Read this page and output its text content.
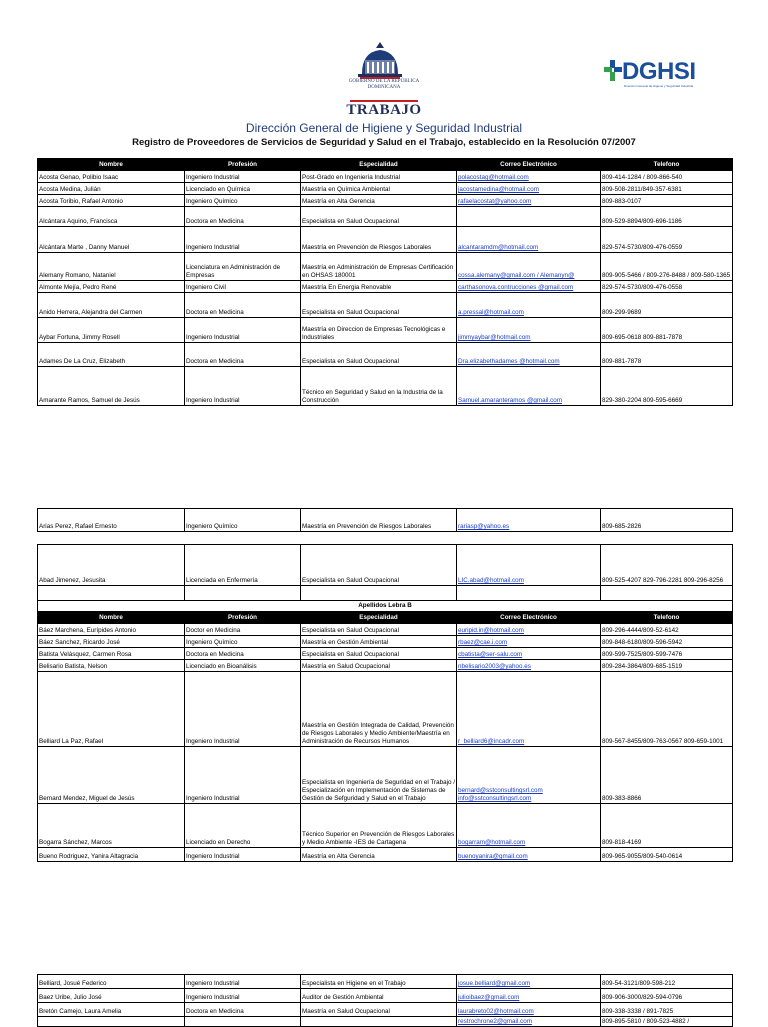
GOBIERNO DE LA REPÚBLICA DOMINICANA
TRABAJO
DGHSI
Dirección General de Higiene y Seguridad Industrial
Dirección General de Higiene y Seguridad Industrial
Registro de Proveedores de Servicios de Seguridad y Salud en el Trabajo, establecido en la Resolución 07/2007
Nombre	Profesión	Especialidad	Correo Electrónico	Telefono
Acosta Genao, Polibio Isaac	Ingeniero Industrial	Post-Grado en Ingeniería Industrial	polacostag@hotmail.com	809-414-1284 / 809-866-540
Acosta Medina, Julián	Licenciado en Química	Maestría en Química Ambiental	jacostamedina@hotmail.com	809-508-2811/849-357-6381
Acosta Toribio, Rafael Antonio	Ingeniero Químico	Maestría en Alta Gerencia	rafaelacostat@yahoo.com	809-883-0107
Alcántara Aquino, Francisca	Doctora en Medicina	Especialista en Salud Ocupacional		809-529-8894/809-696-1186
Alcántara Marte , Danny Manuel	Ingeniero Industrial	Maestría en Prevención de Riesgos Laborales	alcantaramdm@hotmail.com	829-574-5730/809-476-0559
Alemany Romano, Nataniel	Licenciatura en Administración de Empresas	Maestría en Administración de Empresas Certificación en OHSAS 180001	cossa.alemany@gmail.com / Alemanyn@	809-905-5466 / 809-276-8488 / 809-580-1365
Almonte Mejía, Pedro René	Ingeniero Civil	Maestría En Energia Renovable	carthasonova.contrucciones @gmail.com	829-574-5730/809-476-0558
Anido Herrera, Alejandra del Carmen	Doctora en Medicina	Especialista en Salud Ocupacional	a.pressal@hotmail.com	809-299-9689
Aybar Fortuna, Jimmy Rosell	Ingeniero Industrial	Maestría en Direccion de Empresas Tecnológicas e Industriales	jimmyaybar@hotmail.com	809-695-0618 809-881-7878
Adames De La Cruz, Elizabeth	Doctora en Medicina	Especialista en Salud Ocupacional	Dra.elizabethadames @hotmail.com	809-881-7878
Amarante Ramos, Samuel de Jesús	Ingeniero Industrial	Técnico en Seguridad y Salud en la Industria de la Construcción	Samuel.amaranteramos @gmail.com	829-380-2204 809-595-6669
Arias Perez, Rafael Ernesto	Ingeniero Químico	Maestría en Prevención de Riesgos Laborales	rariasp@yahoo.es	809-685-2826
Abad Jimenez, Jesusita	Licenciada en Enfermería	Especialista en Salud Ocupacional	LIC.abad@hotmail.com	809-525-4207 829-796-2281 809-296-8256

Apellidos Lebra B				
Nombre	Profesión	Especialidad	Correo Electrónico	Telefono
Báez Marchena, Eurípides Antonio	Doctor en Medicina	Especialista en Salud Ocupacional	euripid.in@hotmail.com	809-296-4444/809-52-6142
Báez Sanchez, Ricardo José	Ingeniero Químico	Maestría en Gestión Ambiental	rbaez@cae.i.com	809-848-6180/809-596-5942
Batista Velásquez, Carmen Rosa	Doctora en Medicina	Especialista en Salud Ocupacional	cbatista@ser-salu.com	809-599-7525/809-599-7476
Belisario Batista, Nelson	Licenciado en Bioanálisis	Maestría en Salud Ocupacional	nbelisario2003@yahoo.es	809-284-3864/809-685-1519
Belliard La Paz, Rafael	Ingeniero Industrial	Maestría en Gestión Integrada de Calidad, Prevención de Riesgos Laborales y Medio Ambiente/Maestría en Administración de Recursos Humanos	r_belliard6@incadr.com	809-567-8455/809-763-0567 809-659-1001
Bernard Mendez, Miguel de Jesús	Ingeniero Industrial	Especialista en Ingeniería de Seguridad en el Trabajo / Especialización en Implementación de Sistemas de Gestión de Sefguridad y Salud en el Trabajo	bernard@sstconsultingsrl.com info@sstconsultingsrl.com	809-383-8866
Bogarra Sánchez, Marcos	Licenciado en Derecho	Técnico Superior en Prevención de Riesgos Laborales y Medio Ambiente -IES de Cartagena	bogarram@hotmail.com	809-818-4169
Bueno Rodriguez, Yanira Altagracia	Ingeniero Industrial	Maestría en Alta Gerencia	buenoyanira@gmail.com	809-965-9055/809-540-0614
Belliard, Josué Federico	Ingeniero Industrial	Especialista en Higiene en el Trabajo	josue.belliard@gmail.com	809-54-3121/809-598-212
Baez Uribe, Julio José	Ingeniero Industrial	Auditor de Gestión Ambiental	julioibaez@gmail.com	809-906-3000/829-594-0796
Bretón Camejo, Laura Amelia	Doctora en Medicina	Maestría en Salud Ocupacional	laurabreto02@hotmail.com	809-338-3338 / 891-7825
			restrochrone2@gmail.com	809-895-5810 / 809-523-4882 /
